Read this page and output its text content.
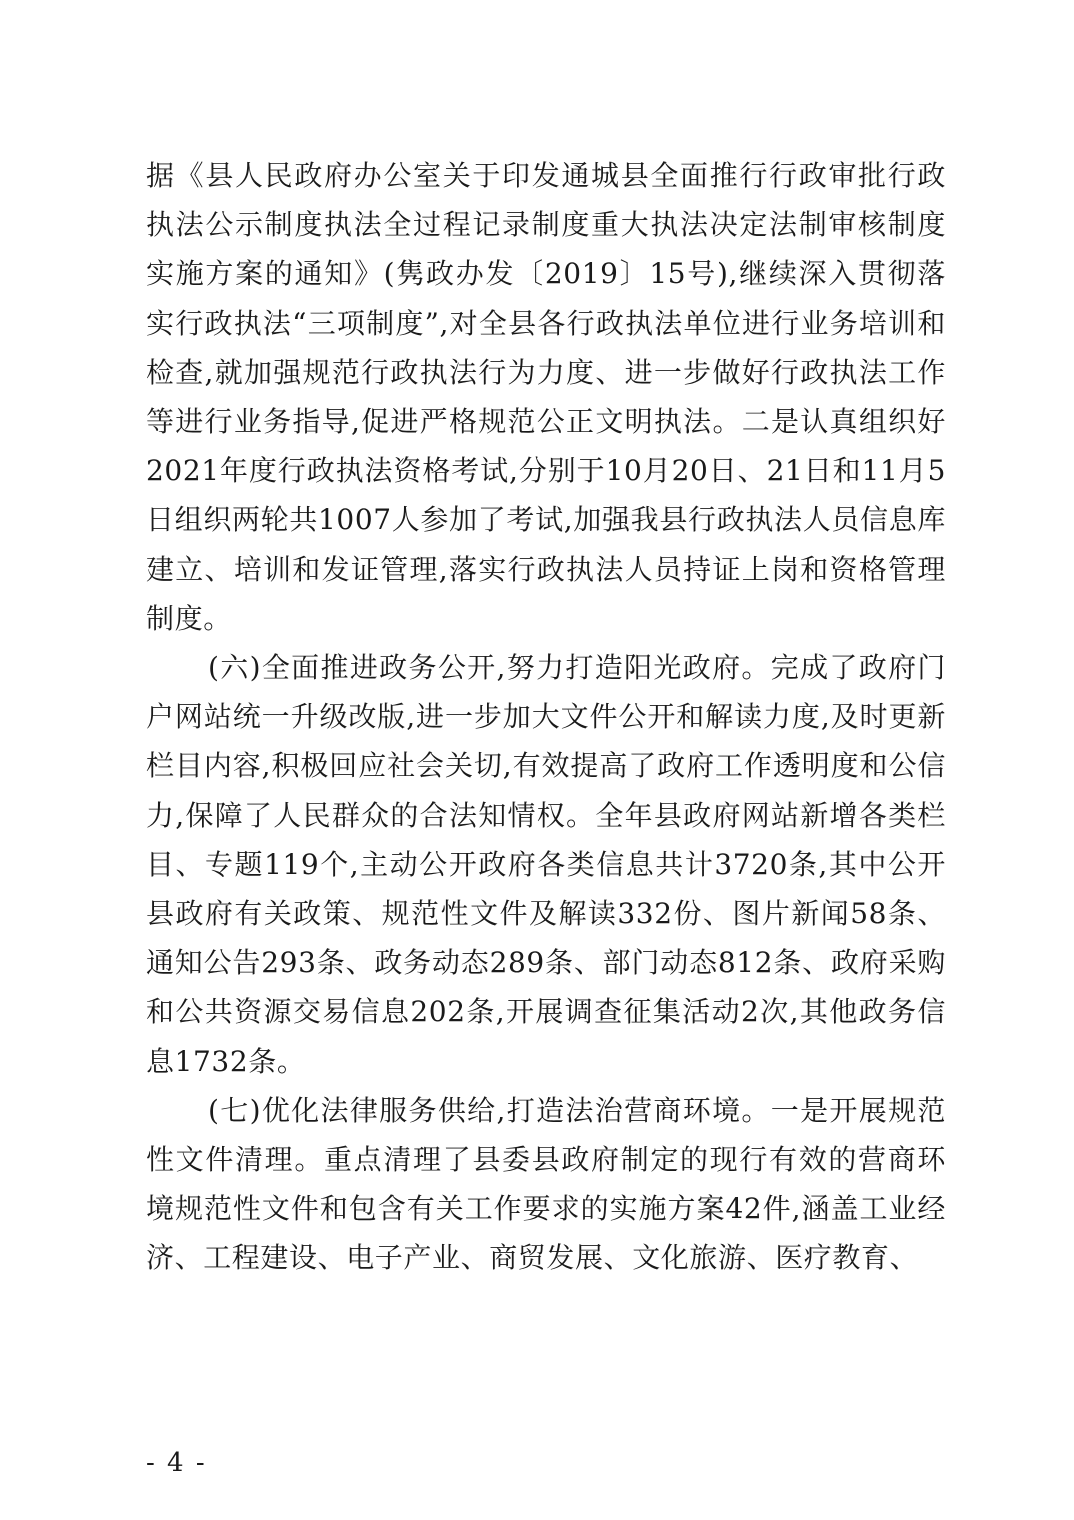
据《县人民政府办公室关于印发通城县全面推行行政审批行政执法公示制度执法全过程记录制度重大执法决定法制审核制度实施方案的通知》(隽政办发〔2019〕15号),继续深入贯彻落实行政执法“三项制度”,对全县各行政执法单位进行业务培训和检查,就加强规范行政执法行为力度、进一步做好行政执法工作等进行业务指导,促进严格规范公正文明执法。二是认真组织好2021年度行政执法资格考试,分别于10月20日、21日和11月5日组织两轮共1007人参加了考试,加强我县行政执法人员信息库建立、培训和发证管理,落实行政执法人员持证上岗和资格管理制度。

(六)全面推进政务公开,努力打造阳光政府。完成了政府门户网站统一升级改版,进一步加大文件公开和解读力度,及时更新栏目内容,积极回应社会关切,有效提高了政府工作透明度和公信力,保障了人民群众的合法知情权。全年县政府网站新增各类栏目、专题119个,主动公开政府各类信息共计3720条,其中公开县政府有关政策、规范性文件及解读332份、图片新闻58条、通知公告293条、政务动态289条、部门动态812条、政府采购和公共资源交易信息202条,开展调查征集活动2次,其他政务信息1732条。

(七)优化法律服务供给,打造法治营商环境。一是开展规范性文件清理。重点清理了县委县政府制定的现行有效的营商环境规范性文件和包含有关工作要求的实施方案42件,涵盖工业经济、工程建设、电子产业、商贸发展、文化旅游、医疗教育、

- 4 -
